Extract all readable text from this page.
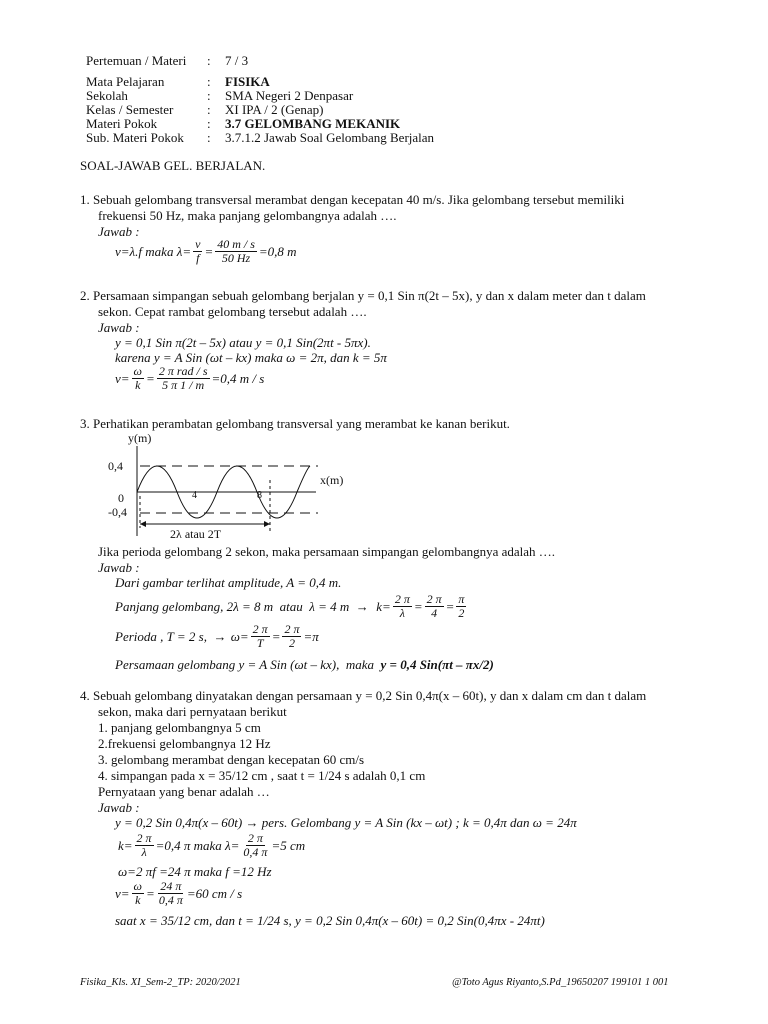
Pertemuan / Materi : 7 / 3
Mata Pelajaran	: FISIKA
Sekolah	: SMA Negeri 2 Denpasar
Kelas / Semester	: XI IPA / 2 (Genap)
Materi Pokok	: 3.7 GELOMBANG MEKANIK
Sub. Materi Pokok : 3.7.1.2 Jawab Soal Gelombang Berjalan
SOAL-JAWAB GEL. BERJALAN.
1. Sebuah gelombang transversal merambat dengan kecepatan 40 m/s. Jika gelombang tersebut memiliki
frekuensi 50 Hz, maka panjang gelombangnya adalah ….
Jawab :
v=λ.f maka $\lambda= \frac{v}{f} = \frac{40 m / s}{50 Hz} =0,8$ m
2. Persamaan simpangan sebuah gelombang berjalan y = 0,1 Sin π(2t – 5x), y dan x dalam meter dan t dalam
sekon. Cepat rambat gelombang tersebut adalah ….
Jawab :
y = 0,1 Sin π(2t – 5x) atau y = 0,1 Sin(2πt - 5πx).
karena y = A Sin (ωt – kx) maka ω = 2π, dan k = 5π
$v= \frac{\omega}{k} = \frac{\text{2 π rad / s}}{5 \pi 1 / m} =0,4$ m / s
3. Perhatikan perambatan gelombang transversal yang merambat ke kanan berikut.
y(m)
x(m)
0,4
0
-0,4
4	8
2λ atau 2T
Jika perioda gelombang 2 sekon, maka persamaan simpangan gelombangnya adalah ….
Jawab :
Dari gambar terlihat amplitude, A = 0,4 m.
Panjang gelombang, 2λ = 8 m  atau  λ = 4 $m \to k= \frac{2 \pi}{\lambda} = \frac{2 \pi}{4} = \frac{\pi}{2}$
Perioda , T = 2 s,  → $\omega= \frac{2 \pi}{T} = \frac{2 \pi}{2} =\pi$
Persamaan gelombang y = A Sin (ωt – kx),  maka  y = 0,4 Sin(πt – πx/2)
4. Sebuah gelombang dinyatakan dengan persamaan y = 0,2 Sin 0,4π(x – 60t), y dan x dalam cm dan t dalam
sekon, maka dari pernyataan berikut
1. panjang gelombangnya 5 cm
2.frekuensi gelombangnya 12 Hz
3. gelombang merambat dengan kecepatan 60 cm/s
4. simpangan pada x = 35/12 cm , saat t = 1/24 s adalah 0,1 cm
Pernyataan yang benar adalah …
Jawab :
y = 0,2 Sin 0,4π(x – 60t) → pers. Gelombang y = A Sin (kx – ωt) ; k = 0,4π dan ω = 24π
$k= \frac{2 \pi}{\lambda} =0,4$ π maka $\lambda= \frac{2 \pi}{0,4 \pi} =5$ cm
ω=2 πf =24 π maka f =12 Hz
$v= \frac{\omega}{k} = \frac{24 \pi}{0,4 \pi} =60$ cm / s
saat x = 35/12 cm, dan t = 1/24 s, y = 0,2 Sin 0,4π(x – 60t) = 0,2 Sin(0,4πx - 24πt)
Fisika_Kls. XI_Sem-2_TP: 2020/2021	@Toto Agus Riyanto,S.Pd_19650207 199101 1 001
